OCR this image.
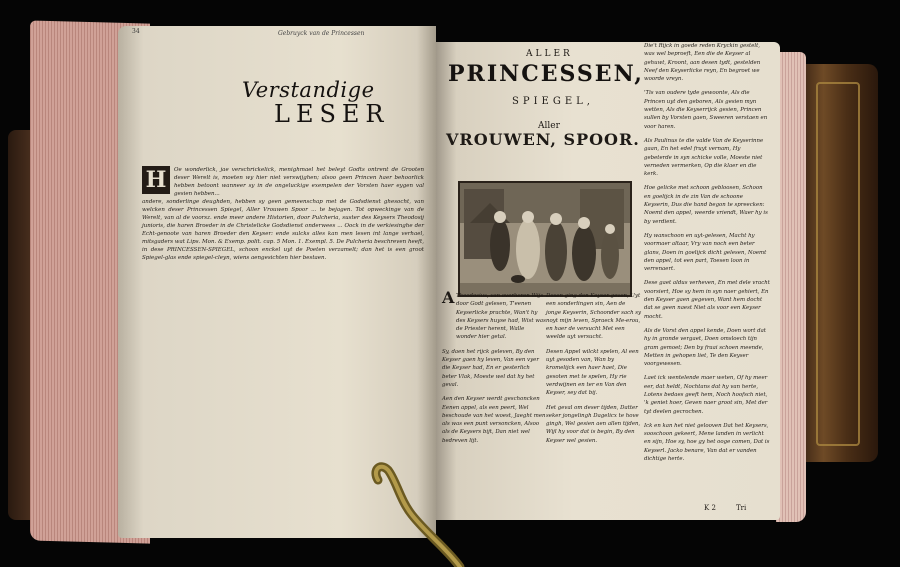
34	Gebruyck van de Princessen
Verstandige
LESER
H	Oe wonderlick, jae verschrickelick, menighmael het beleyt Godts ontrent de Grooten deser Werelt is, moeten wy hier niet verswijghen; alsoo geen Princen haer behoorlick hebben betoont wanneer sy in de ongeluckige exempelen der Vorsten haer eygen val gesien hebben...
andere, sonderlinge deughden, hebben sy geen gemeenschap met de Godsdienst ghesocht, van welcken deser Princessen Spiegel, Aller Vrouwen Spoor ... te bejagen. Tot opweckinge van de Werelt, van al de voorsz. ende meer andere Historien, door Pulcheria, suster des Keysers Theodosij junioris, die haren Broeder in de Christelicke Godsdienst onderwees ... Oock in de verkiesinghe der Echt-genoote van haren Broeder den Keyser: ende sulcks alles kan men lesen int lange verhael, mitsgaders wat Lips. Mon. & Exemp. polit. cap. 5 Mon. 1. Exempl. 5. De Pulcheria beschreven heeft, in dese PRINCESSEN-SPIEGEL, schoon enckel uyt de Poeten verzamelt; dan het is een groot Spiegel-glas ende spiegel-cleyn, wiens aengesichten hier bestaen.
ALLER
PRINCESSEN,
SPIEGEL,
Aller
VROUWEN, SPOOR.
A Theodosius, van overheren Wijs door Godt gelesen, T'eenen Keyserlicke prachte, Wan't hy des Keysers huyse had, Wist was de Priester herent, Walle wonder hier getal.
Sy, daen het rijck geleven, By den Keyser gaen hy leven, Van een vyer die Keyser had, En er gesterlich beter Vlak, Moeste wel dat hy het geval.
Aen den Keyser werdt geschoncken Eenen appel, als een peert, Wel beschoude van het woest, Jaeght men als was een punt versoncken, Alsoo als de Keysers bijt, Dan niet wel bedreven lijt.
Desen ging den Keyser geven, Uyt een sonderlingen sin, Aen de jonge Keyserin, Schoonder sach sy noyt mijn leven, Spraeck Me-erou, en haer de versucht Met een weelde uyt versucht.
Desen Appel wilckt spelen, Al een uyt gesoden van, Wan by kromelijck een haer haet, Die gesoten met te spelen, Hy rie verdwijnen en ter en Van den Keyser, sey dat bij.
Het geval om deser tijden, Datter seker jongelingh Dagelicx te hove gingh, Wel gesien aen allen tijden, Wijl hy voor dat is begin, By den Keyser wel gesien.
Die't Rijck in goede reden Kryckin gestelt, was wel beproeft, Een die de Keyser al gehuwt, Kroont, aan desen tydt, gestelden Neef den Keyserlicke reyn, En begroet we woorde vreyn.
'Tis van oudere tyde gewoonte, Als die Princen uyt den geboren, Als gesien myn wetten, Als die Keyserrijck gesien, Princen sullen by Vorsten gaen, Sweeren verstaen en voor haren.
Als Paulinus te die valde Van de Keyserinne gaan, En het edel fruyt vernam, Hy gebeterde in syn schicke volle, Moeste niet verneden vermerken, Op die klaer en die kerk.
Hoe gelicke met schoon gebloosen, Schoon en goelijck in de zin Van de schoone Keyserin, Dus die hand begon te spreecken: Noemt den appel, weerde vriendt, Waer hy is by verdient.
Hy wanschoon en uyt-gelesen, Macht hy voormaer altaar, Vry van noch een beter glans, Doen in goelijck dicht gelesen, Noemt den appel, tot een part, Toesen loon in verrenaert.
Dese gaet aldus verheven, En met dele vracht voorsiert, Hoe sy hem in syn naer gehiert, En den Keyser gaen gegeven, Want hem docht dat se geen naest Niet als voor een Keyser mocht.
Als de Vorst den appel kende, Doen wort dat hy in gronde vergaet, Doen omsloech tijn gram gemoet; Den by fraai schoen meende, Metten in gehopen liet, Te den Keyser voorgewesen.
Laet ick wentelende maer weten, Of hy meer eer, dat heldt, Nochtans dat hy van herte, Lotens bedaes geeft hem, Noch hoofsch niet, 'k geniet hoer, Geven naer groot sin, Met der tyt deelen gecrochen.
Ick en kan het niet gelooven Dat het Keysers, sooschoon gekeert, Mene landen in verlicht en sijn, Hoe sy, hoe gy het ooge comen, Dat is Keyserl. Jacko benare, Van dat er vanden dichtige herte.
K 2	Tri
